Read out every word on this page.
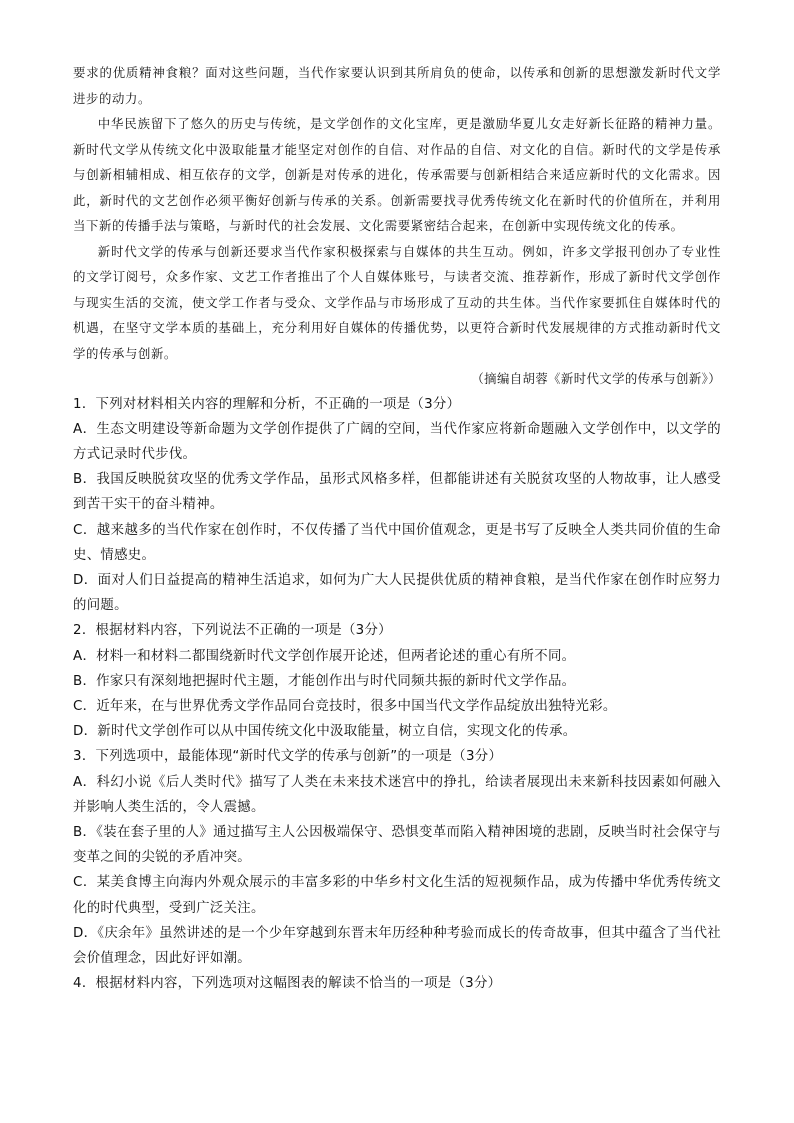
要求的优质精神食粮？面对这些问题，当代作家要认识到其所肩负的使命，以传承和创新的思想激发新时代文学进步的动力。

中华民族留下了悠久的历史与传统，是文学创作的文化宝库，更是激励华夏儿女走好新长征路的精神力量。新时代文学从传统文化中汲取能量才能坚定对创作的自信、对作品的自信、对文化的自信。新时代的文学是传承与创新相辅相成、相互依存的文学，创新是对传承的进化，传承需要与创新相结合来适应新时代的文化需求。因此，新时代的文艺创作必须平衡好创新与传承的关系。创新需要找寻优秀传统文化在新时代的价值所在，并利用当下新的传播手法与策略，与新时代的社会发展、文化需要紧密结合起来，在创新中实现传统文化的传承。

新时代文学的传承与创新还要求当代作家积极探索与自媒体的共生互动。例如，许多文学报刊创办了专业性的文学订阅号，众多作家、文艺工作者推出了个人自媒体账号，与读者交流、推荐新作，形成了新时代文学创作与现实生活的交流，使文学工作者与受众、文学作品与市场形成了互动的共生体。当代作家要抓住自媒体时代的机遇，在坚守文学本质的基础上，充分利用好自媒体的传播优势，以更符合新时代发展规律的方式推动新时代文学的传承与创新。

（摘编自胡蓉《新时代文学的传承与创新》）

1．下列对材料相关内容的理解和分析，不正确的一项是（3分）

A．生态文明建设等新命题为文学创作提供了广阔的空间，当代作家应将新命题融入文学创作中，以文学的方式记录时代步伐。

B．我国反映脱贫攻坚的优秀文学作品，虽形式风格多样，但都能讲述有关脱贫攻坚的人物故事，让人感受到苦干实干的奋斗精神。

C．越来越多的当代作家在创作时，不仅传播了当代中国价值观念，更是书写了反映全人类共同价值的生命史、情感史。

D．面对人们日益提高的精神生活追求，如何为广大人民提供优质的精神食粮，是当代作家在创作时应努力的问题。

2．根据材料内容，下列说法不正确的一项是（3分）

A．材料一和材料二都围绕新时代文学创作展开论述，但两者论述的重心有所不同。

B．作家只有深刻地把握时代主题，才能创作出与时代同频共振的新时代文学作品。

C．近年来，在与世界优秀文学作品同台竞技时，很多中国当代文学作品绽放出独特光彩。

D．新时代文学创作可以从中国传统文化中汲取能量，树立自信，实现文化的传承。

3．下列选项中，最能体现“新时代文学的传承与创新”的一项是（3分）

A．科幻小说《后人类时代》描写了人类在未来技术迷宫中的挣扎，给读者展现出未来新科技因素如何融入并影响人类生活的，令人震撼。

B．《装在套子里的人》通过描写主人公因极端保守、恐惧变革而陷入精神困境的悲剧，反映当时社会保守与变革之间的尖锐的矛盾冲突。

C．某美食博主向海内外观众展示的丰富多彩的中华乡村文化生活的短视频作品，成为传播中华优秀传统文化的时代典型，受到广泛关注。

D．《庆余年》虽然讲述的是一个少年穿越到东晋末年历经种种考验而成长的传奇故事，但其中蕴含了当代社会价值理念，因此好评如潮。

4．根据材料内容，下列选项对这幅图表的解读不恰当的一项是（3分）
